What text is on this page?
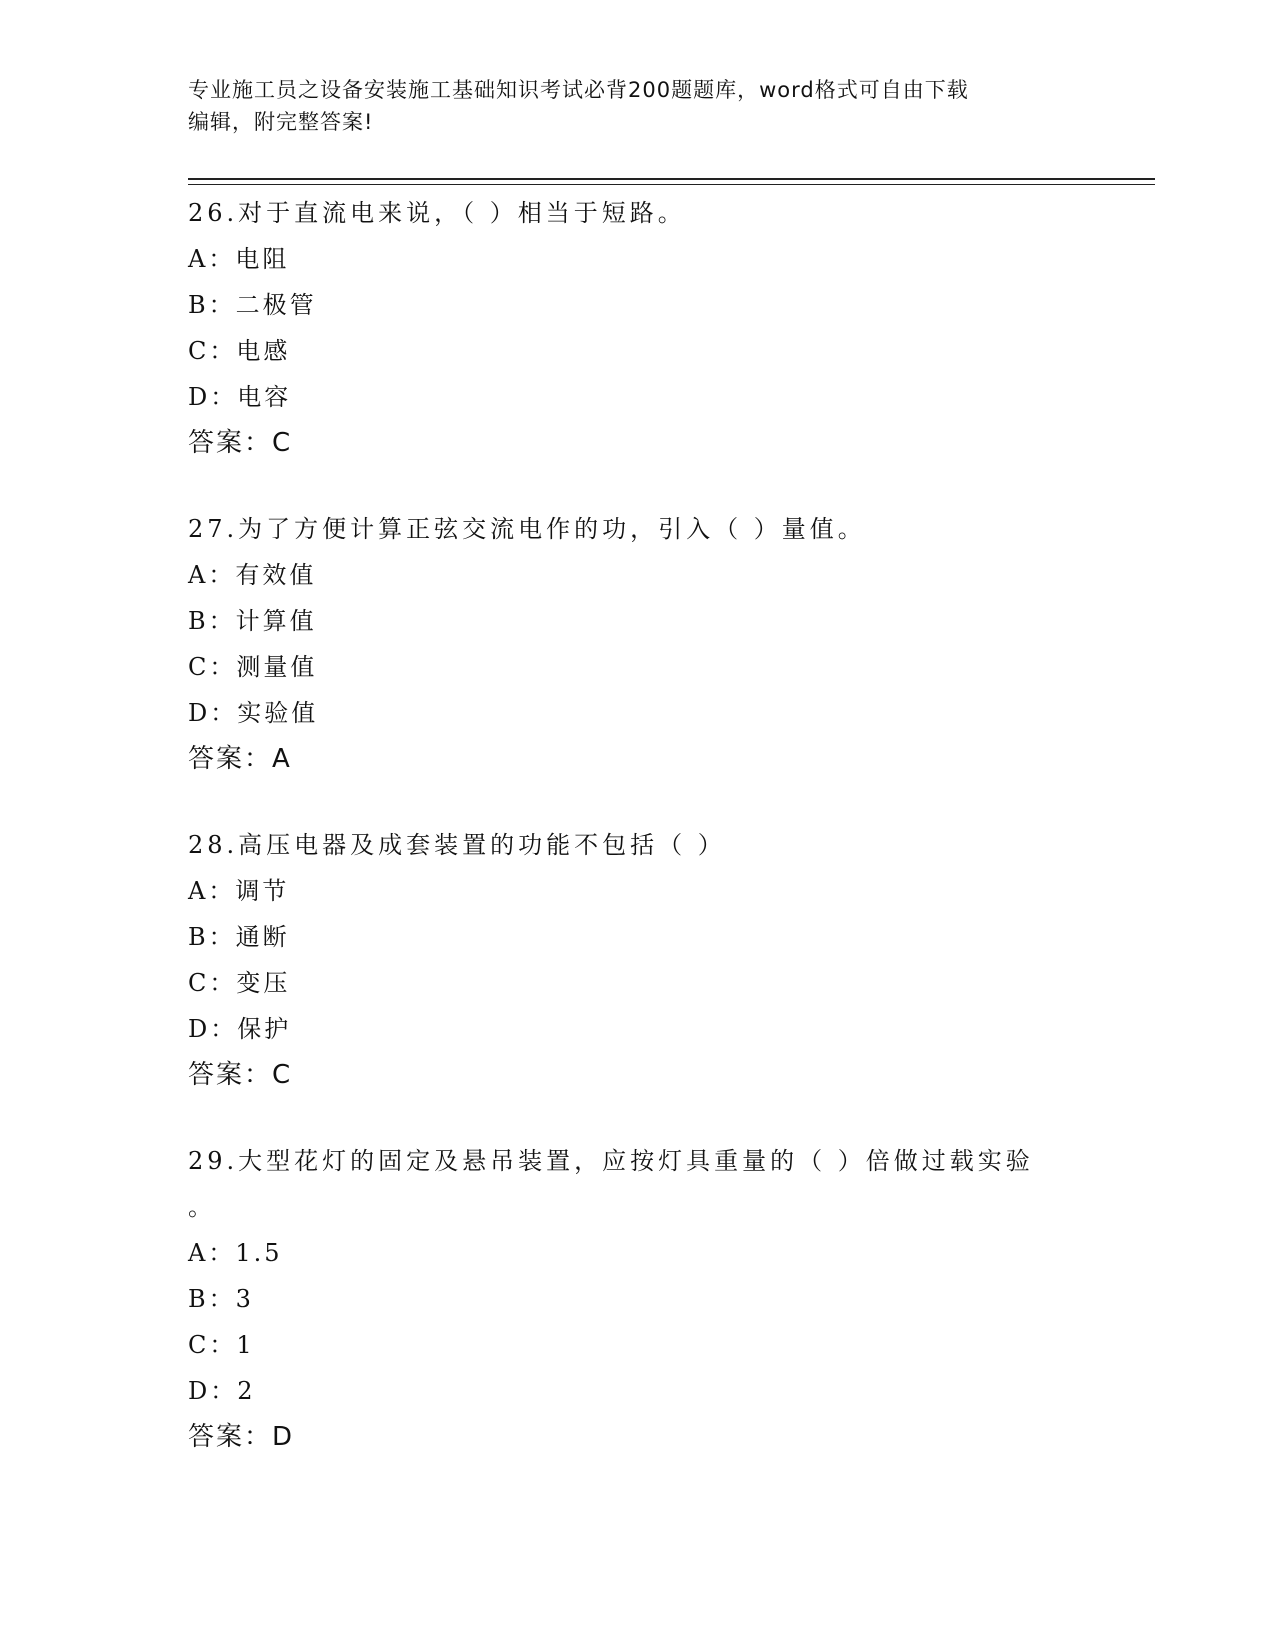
专业施工员之设备安装施工基础知识考试必背200题题库，word格式可自由下载
编辑，附完整答案!

26.对于直流电来说，（ ）相当于短路。

A：电阻

B：二极管

C：电感

D：电容

答案：C

27.为了方便计算正弦交流电作的功，引入（ ）量值。

A：有效值

B：计算值

C：测量值

D：实验值

答案：A

28.高压电器及成套装置的功能不包括（ ）

A：调节

B：通断

C：变压

D：保护

答案：C

29.大型花灯的固定及悬吊装置，应按灯具重量的（ ）倍做过载实验

。

A：1.5

B：3

C：1

D：2

答案：D
